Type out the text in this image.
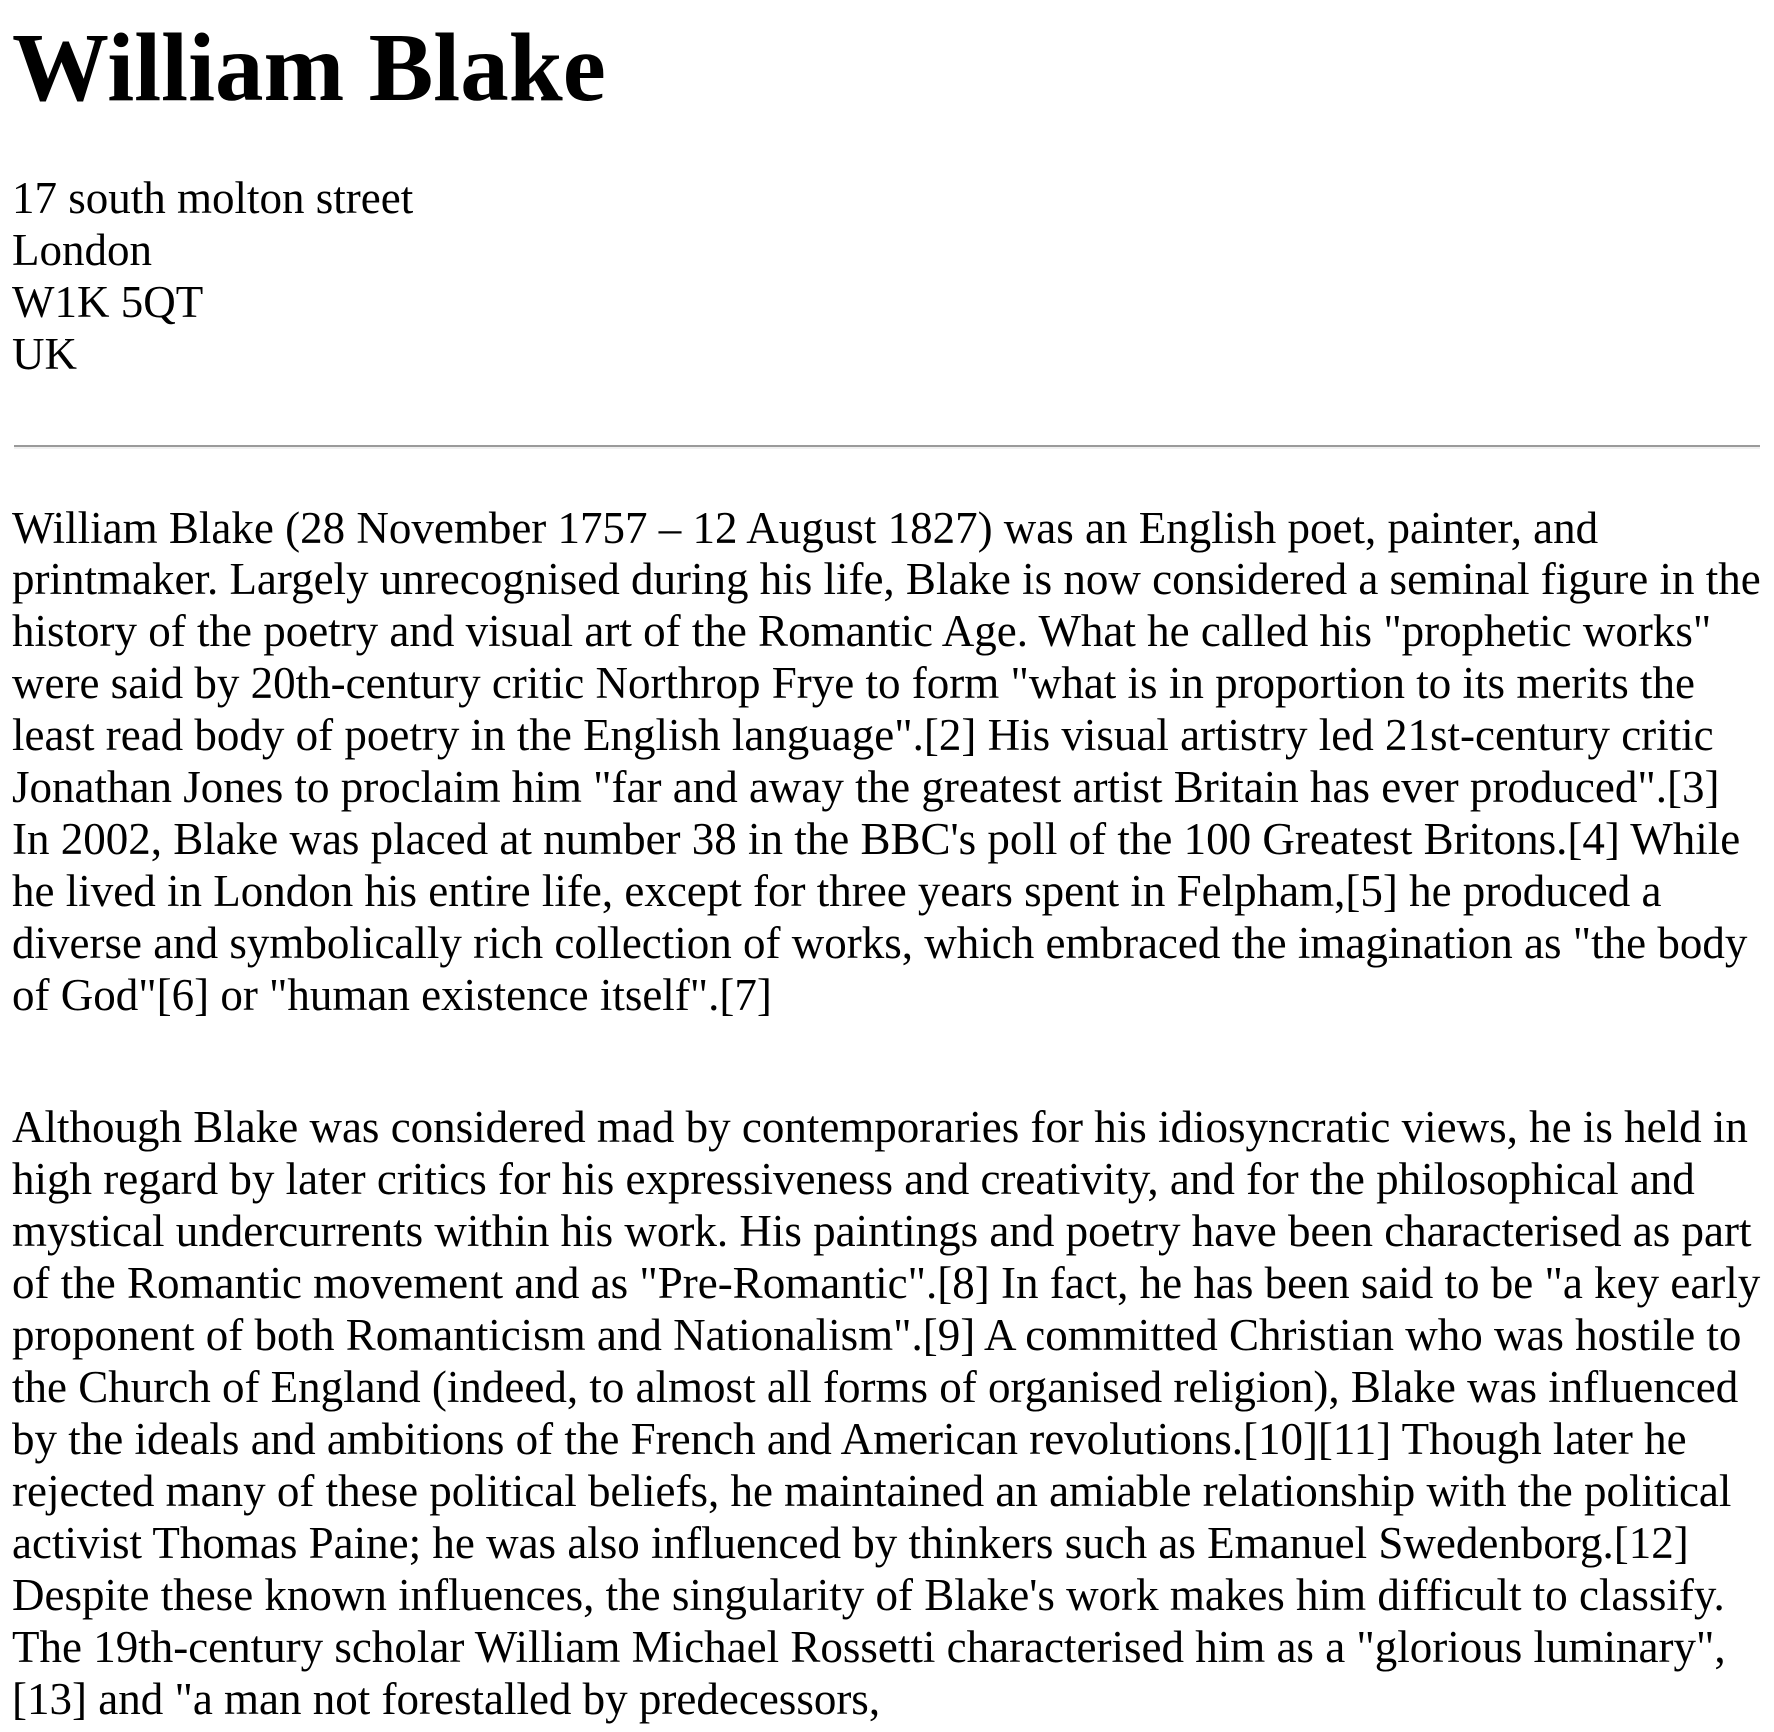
William Blake
17 south molton street
London
W1K 5QT
UK

William Blake (28 November 1757 – 12 August 1827) was an English poet, painter, and printmaker. Largely unrecognised during his life, Blake is now considered a seminal figure in the history of the poetry and visual art of the Romantic Age. What he called his "prophetic works" were said by 20th-century critic Northrop Frye to form "what is in proportion to its merits the least read body of poetry in the English language".[2] His visual artistry led 21st-century critic Jonathan Jones to proclaim him "far and away the greatest artist Britain has ever produced".[3] In 2002, Blake was placed at number 38 in the BBC's poll of the 100 Greatest Britons.[4] While he lived in London his entire life, except for three years spent in Felpham,[5] he produced a diverse and symbolically rich collection of works, which embraced the imagination as "the body of God"[6] or "human existence itself".[7]

Although Blake was considered mad by contemporaries for his idiosyncratic views, he is held in high regard by later critics for his expressiveness and creativity, and for the philosophical and mystical undercurrents within his work. His paintings and poetry have been characterised as part of the Romantic movement and as "Pre-Romantic".[8] In fact, he has been said to be "a key early proponent of both Romanticism and Nationalism".[9] A committed Christian who was hostile to the Church of England (indeed, to almost all forms of organised religion), Blake was influenced by the ideals and ambitions of the French and American revolutions.[10][11] Though later he rejected many of these political beliefs, he maintained an amiable relationship with the political activist Thomas Paine; he was also influenced by thinkers such as Emanuel Swedenborg.[12] Despite these known influences, the singularity of Blake's work makes him difficult to classify. The 19th-century scholar William Michael Rossetti characterised him as a "glorious luminary",[13] and "a man not forestalled by predecessors,
